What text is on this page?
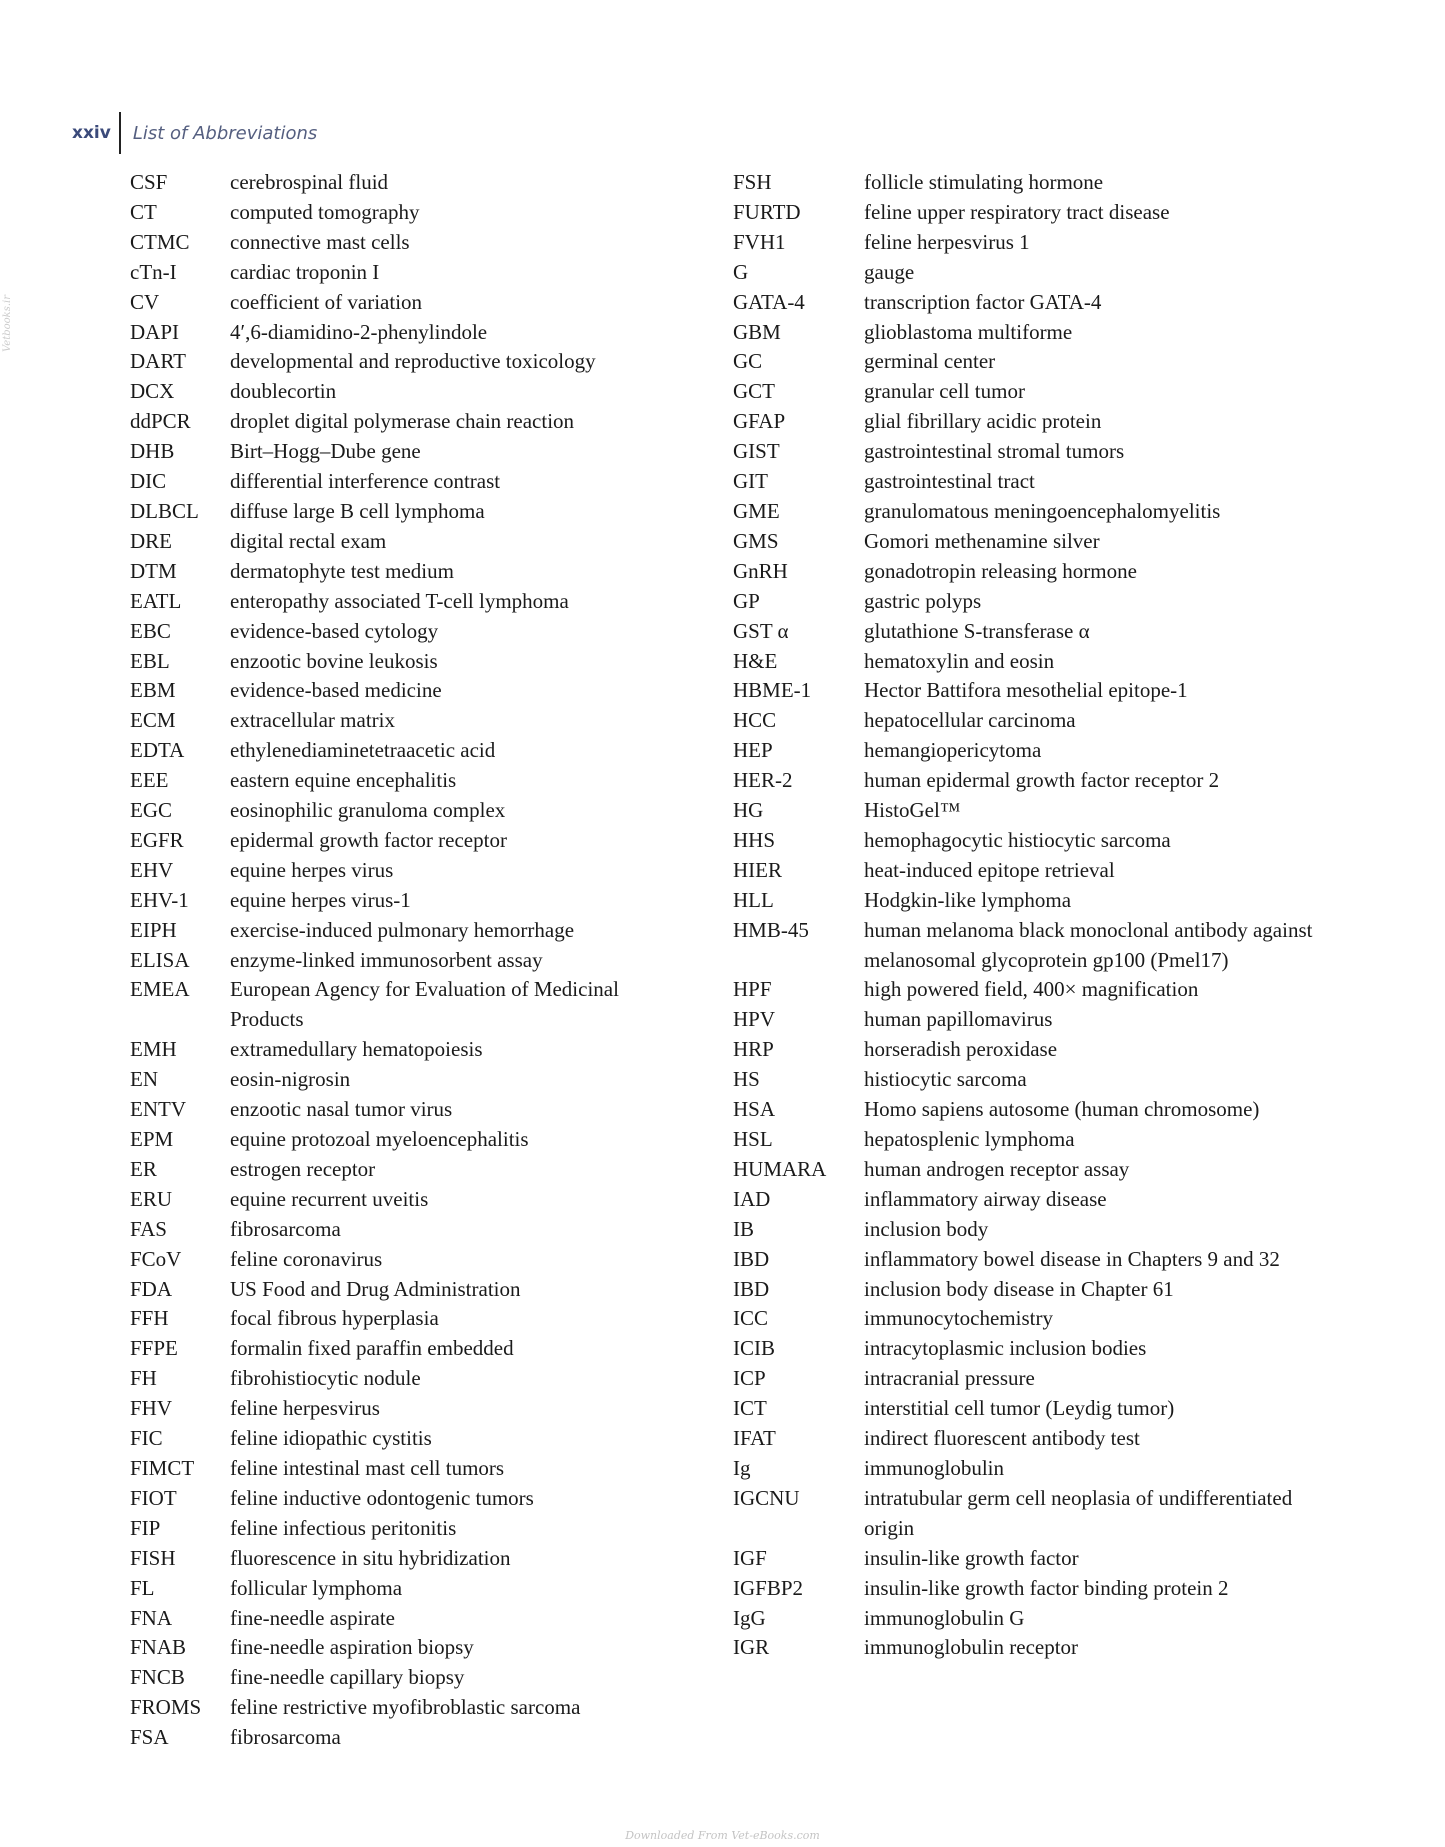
Vetbooks.ir
xxiv	List of Abbreviations
CSF	cerebrospinal fluid
CT	computed tomography
CTMC	connective mast cells
cTn-I	cardiac troponin I
CV	coefficient of variation
DAPI	4′,6-diamidino-2-phenylindole
DART	developmental and reproductive toxicology
DCX	doublecortin
ddPCR	droplet digital polymerase chain reaction
DHB	Birt–Hogg–Dube gene
DIC	differential interference contrast
DLBCL	diffuse large B cell lymphoma
DRE	digital rectal exam
DTM	dermatophyte test medium
EATL	enteropathy associated T-cell lymphoma
EBC	evidence-based cytology
EBL	enzootic bovine leukosis
EBM	evidence-based medicine
ECM	extracellular matrix
EDTA	ethylenediaminetetraacetic acid
EEE	eastern equine encephalitis
EGC	eosinophilic granuloma complex
EGFR	epidermal growth factor receptor
EHV	equine herpes virus
EHV-1	equine herpes virus-1
EIPH	exercise-induced pulmonary hemorrhage
ELISA	enzyme-linked immunosorbent assay
EMEA	European Agency for Evaluation of Medicinal Products
EMH	extramedullary hematopoiesis
EN	eosin-nigrosin
ENTV	enzootic nasal tumor virus
EPM	equine protozoal myeloencephalitis
ER	estrogen receptor
ERU	equine recurrent uveitis
FAS	fibrosarcoma
FCoV	feline coronavirus
FDA	US Food and Drug Administration
FFH	focal fibrous hyperplasia
FFPE	formalin fixed paraffin embedded
FH	fibrohistiocytic nodule
FHV	feline herpesvirus
FIC	feline idiopathic cystitis
FIMCT	feline intestinal mast cell tumors
FIOT	feline inductive odontogenic tumors
FIP	feline infectious peritonitis
FISH	fluorescence in situ hybridization
FL	follicular lymphoma
FNA	fine-needle aspirate
FNAB	fine-needle aspiration biopsy
FNCB	fine-needle capillary biopsy
FROMS	feline restrictive myofibroblastic sarcoma
FSA	fibrosarcoma
FSH	follicle stimulating hormone
FURTD	feline upper respiratory tract disease
FVH1	feline herpesvirus 1
G	gauge
GATA-4	transcription factor GATA-4
GBM	glioblastoma multiforme
GC	germinal center
GCT	granular cell tumor
GFAP	glial fibrillary acidic protein
GIST	gastrointestinal stromal tumors
GIT	gastrointestinal tract
GME	granulomatous meningoencephalomyelitis
GMS	Gomori methenamine silver
GnRH	gonadotropin releasing hormone
GP	gastric polyps
GST α	glutathione S-transferase α
H&E	hematoxylin and eosin
HBME-1	Hector Battifora mesothelial epitope-1
HCC	hepatocellular carcinoma
HEP	hemangiopericytoma
HER-2	human epidermal growth factor receptor 2
HG	HistoGel™
HHS	hemophagocytic histiocytic sarcoma
HIER	heat-induced epitope retrieval
HLL	Hodgkin-like lymphoma
HMB-45	human melanoma black monoclonal antibody against melanosomal glycoprotein gp100 (Pmel17)
HPF	high powered field, 400× magnification
HPV	human papillomavirus
HRP	horseradish peroxidase
HS	histiocytic sarcoma
HSA	Homo sapiens autosome (human chromosome)
HSL	hepatosplenic lymphoma
HUMARA	human androgen receptor assay
IAD	inflammatory airway disease
IB	inclusion body
IBD	inflammatory bowel disease in Chapters 9 and 32
IBD	inclusion body disease in Chapter 61
ICC	immunocytochemistry
ICIB	intracytoplasmic inclusion bodies
ICP	intracranial pressure
ICT	interstitial cell tumor (Leydig tumor)
IFAT	indirect fluorescent antibody test
Ig	immunoglobulin
IGCNU	intratubular germ cell neoplasia of undifferentiated origin
IGF	insulin-like growth factor
IGFBP2	insulin-like growth factor binding protein 2
IgG	immunoglobulin G
IGR	immunoglobulin receptor
Downloaded From Vet-eBooks.com
